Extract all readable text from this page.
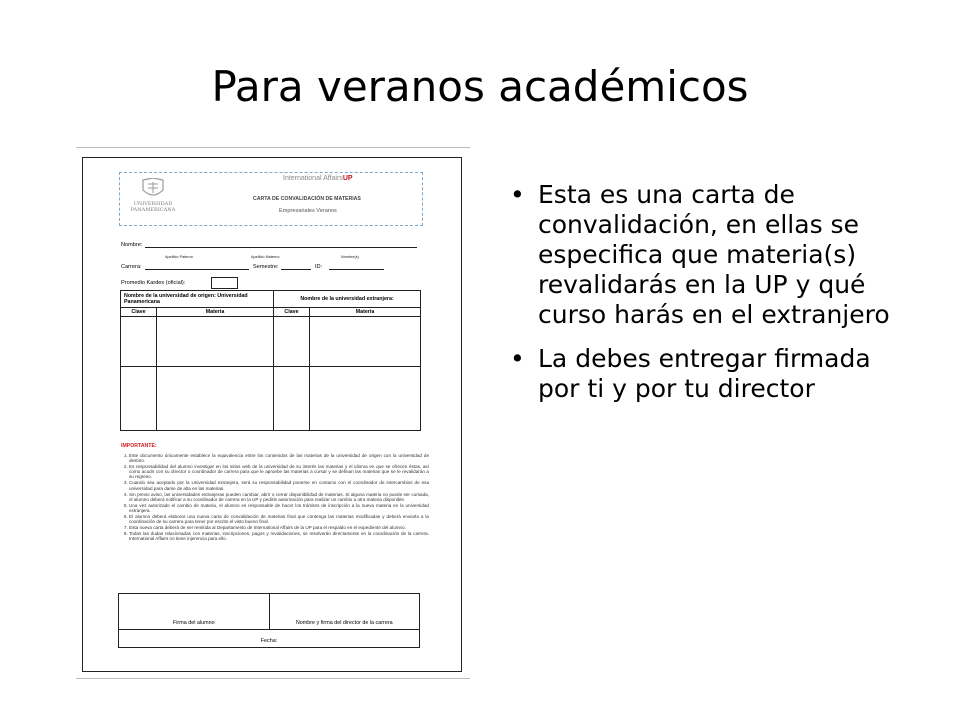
Para veranos académicos
UNIVERSIDAD
PANAMERICANA
International AffairsUP
CARTA DE CONVALIDACIÓN DE MATERIAS
Empresariales Veranos
Nombre:
Apellido Paterno	Apellido Materno	Nombre(s)
Carrera:	Semestre:	ID:
Promedio Kardex (oficial):
Nombre de la universidad de origen: Universidad Panamericana		Nombre de la universidad extranjera:	
Clave	Materia	Clave	Materia

IMPORTANTE:
1. Este documento únicamente establece la equivalencia entre los contenidos de las materias de la universidad de origen con la universidad de destino.
2. Es responsabilidad del alumno investigar en los sitios web de la universidad de su interés las materias y el idioma en que se ofrecen éstas, así como acudir con su director o coordinador de carrera para que le apruebe las materias a cursar y se definan las materias que se le revalidarán a su regreso.
3. Cuando sea aceptado por la Universidad extranjera, será su responsabilidad ponerse en contacto con el coordinador de intercambios de esa universidad para darse de alta en las materias.
4. Sin previo aviso, las universidades extranjeras pueden cambiar, abrir o cerrar disponibilidad de materias. Si alguna materia no puede ser cursada, el alumno deberá notificar a su coordinador de carrera en la UP y pedirle autorización para realizar un cambio a otra materia disponible.
5. Una vez autorizado el cambio de materia, el alumno es responsable de hacer los trámites de inscripción a la nueva materia en la universidad extranjera.
6. El alumno deberá elaborar una nueva carta de convalidación de materias final que contenga las materias modificadas y deberá enviarla a la coordinación de su carrera para tener por escrito el visto bueno final.
7. Esta nueva carta deberá de ser remitida al Departamento de International Affairs de la UP para el respaldo en el expediente del alumno.
8. Todas las dudas relacionadas con materias, inscripciones, pagos y revalidaciones, se resolverán directamente en la coordinación de la carrera. International Affairs no tiene injerencia para ello.
Firma del alumno	Nombre y firma del director de la carrera
Fecha:
• Esta es una carta de convalidación, en ellas se especifica que materia(s) revalidarás en la UP y qué curso harás en el extranjero
• La debes entregar firmada por ti y por tu director
